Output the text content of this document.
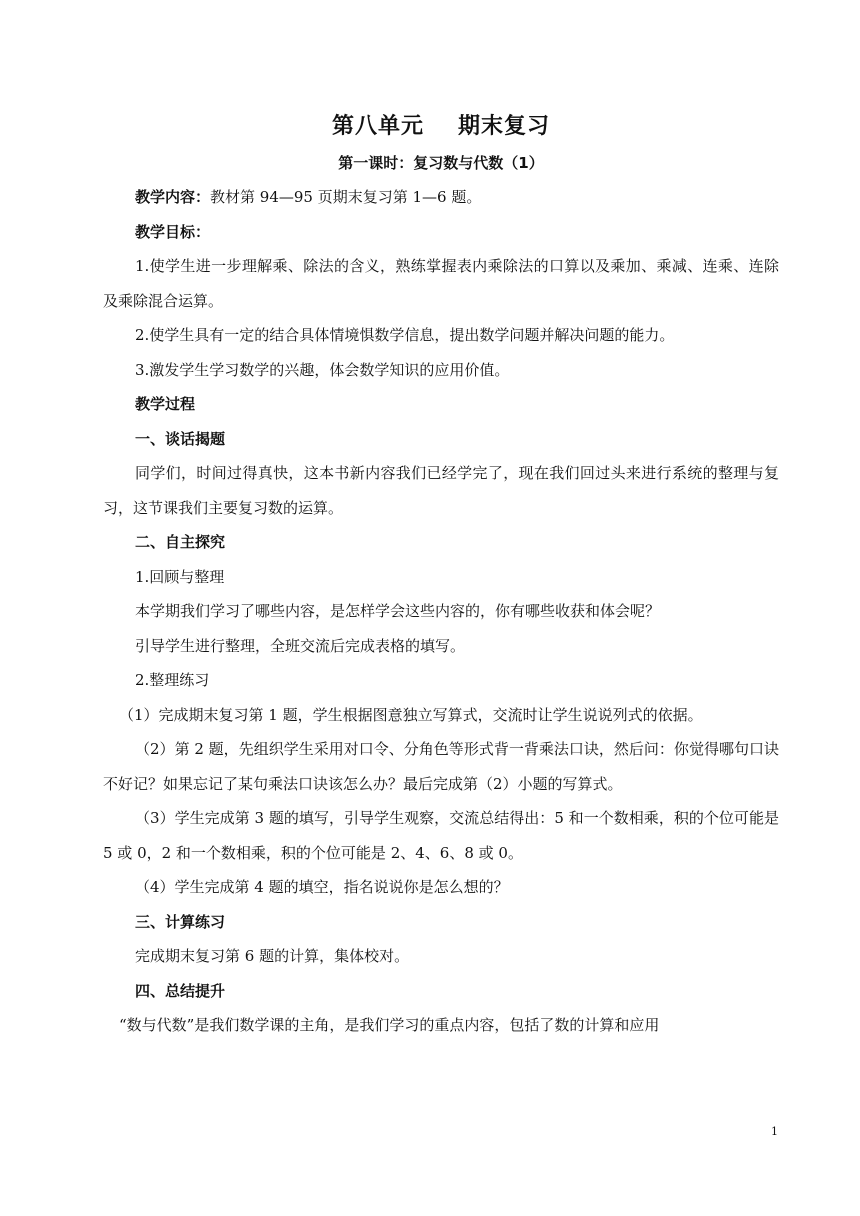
第八单元 期末复习
第一课时：复习数与代数（1）

教学内容：教材第 94—95 页期末复习第 1—6 题。

教学目标：

1.使学生进一步理解乘、除法的含义，熟练掌握表内乘除法的口算以及乘加、乘减、连乘、连除及乘除混合运算。

2.使学生具有一定的结合具体情境惧数学信息，提出数学问题并解决问题的能力。

3.激发学生学习数学的兴趣，体会数学知识的应用价值。

教学过程

一、谈话揭题

同学们，时间过得真快，这本书新内容我们已经学完了，现在我们回过头来进行系统的整理与复习，这节课我们主要复习数的运算。

二、自主探究

1.回顾与整理

本学期我们学习了哪些内容，是怎样学会这些内容的，你有哪些收获和体会呢？

引导学生进行整理，全班交流后完成表格的填写。

2.整理练习

（1）完成期末复习第 1 题，学生根据图意独立写算式，交流时让学生说说列式的依据。

（2）第 2 题，先组织学生采用对口令、分角色等形式背一背乘法口诀，然后问：你觉得哪句口诀不好记？如果忘记了某句乘法口诀该怎么办？最后完成第（2）小题的写算式。

（3）学生完成第 3 题的填写，引导学生观察，交流总结得出：5 和一个数相乘，积的个位可能是 5 或 0，2 和一个数相乘，积的个位可能是 2、4、6、8 或 0。

（4）学生完成第 4 题的填空，指名说说你是怎么想的？

三、计算练习

完成期末复习第 6 题的计算，集体校对。

四、总结提升

“数与代数”是我们数学课的主角，是我们学习的重点内容，包括了数的计算和应用

1
